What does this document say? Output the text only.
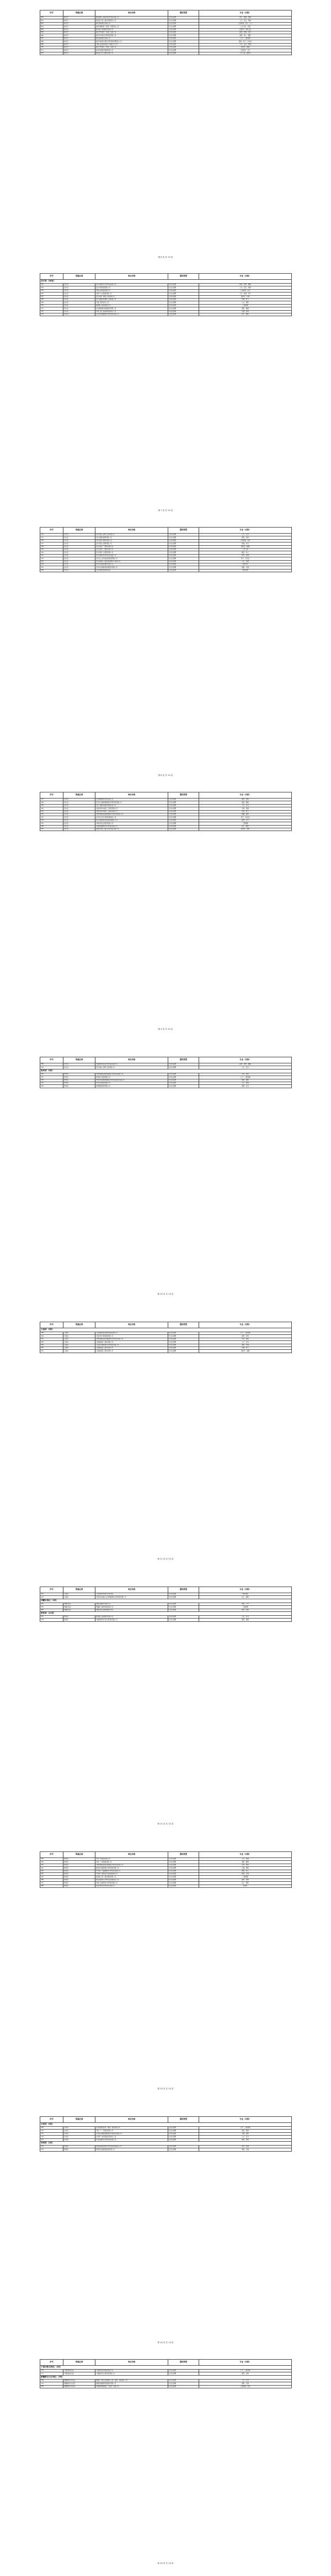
序号	所属区域	单位名称	需招类型	专业（名称）
690	重庆市	重庆建筑工程职业技术学院有限公司	毕业生招聘	电气、控制、机械
691	重庆市	重庆建工第三建设有限责任公司	毕业生招聘	土木、安全、机械
692	重庆市	重庆城投建设有限公司	毕业生招聘	工程管理、会计、人力
693	重庆市	重庆城建控股（集团）有限责任公司	毕业生招聘	土木工程、交通
694	重庆市	重庆建工集团股份有限公司	毕业生招聘	给排水、环境工程
695	重庆市	重庆中科建设（集团）有限公司	毕业生招聘	建筑、结构、造价
696	重庆市	重庆市市政设计研究院有限公司	毕业生招聘	道桥、岩土、测绘
697	重庆市	重庆渝发建设有限公司	毕业生招聘	土木、工程管理
698	重庆市	重庆市轨道交通设计研究院有限责任公司	毕业生招聘	机械、电气、自动化
699	重庆市	中国五冶集团有限公司重庆分公司	毕业生招聘	土木、安全、机械
700	重庆市	重庆对外建设（集团）有限公司	毕业生招聘	给排水、暖通
701	重庆市	重庆华姿建设集团有限公司	毕业生招聘	工程造价、会计
702	重庆市	重庆建工住宅建设有限公司	毕业生招聘	土木工程、建筑学
第 6 页 共 10 页
序号	所属区域	单位名称	需招类型	专业（名称）
四川省（36家）				
703	四川省	四川省建筑设计研究院有限公司	毕业生招聘	建筑、结构、暖通
704	四川省	四川华西集团有限公司	毕业生招聘	土木、安全、机械
705	四川省	中国五冶集团有限公司	毕业生招聘	工程管理、造价
706	四川省	中国十九冶集团有限公司	毕业生招聘	土木、机械、电气
707	四川省	四川省第一建筑工程有限公司	毕业生招聘	给排水、环境
708	四川省	四川省建筑机械化工程有限公司	毕业生招聘	机械、电气
709	四川省	中建三局西南分公司	毕业生招聘	土木、测绘
710	四川省	成都建工集团有限公司	毕业生招聘	工程管理
711	四川省	四川路桥建设集团股份有限公司	毕业生招聘	道桥、隧道
712	四川省	中铁二院工程集团有限责任公司	毕业生招聘	交通、轨道
713	四川省	四川省交通勘察设计研究院有限公司	毕业生招聘	岩土、测绘
第 7 页 共 10 页
序号	所属区域	单位名称	需招类型	专业（名称）
714	四川省	四川省第三建筑工程有限公司	毕业生招聘	土木、安全
715	四川省	四川省第四建筑有限公司	毕业生招聘	建筑、结构
716	四川省	四川省第六建筑有限公司	毕业生招聘	工程管理、造价
717	四川省	四川省第八建筑有限公司	毕业生招聘	机械、电气
718	四川省	四川省第十一建筑有限公司	毕业生招聘	给排水、暖通
719	四川省	四川省第十二建筑有限公司	毕业生招聘	土木工程
720	四川省	四川省第十五建筑有限公司	毕业生招聘	测绘、岩土
721	四川省	四川省建筑科学研究院有限公司	毕业生招聘	材料、检测
722	四川省	四川省工业设备安装集团有限公司	毕业生招聘	电气、自动化
723	四川省	四川省建筑工程质量检测中心有限公司	毕业生招聘	土木、检测
724	四川省	四川华西绿舍建材有限公司	毕业生招聘	材料科学
725	四川省	四川省交通建设集团股份有限公司	毕业生招聘	道桥、交通
726	四川省	四川省城乡建设研究院	毕业生招聘	城乡规划
第 8 页 共 10 页
序号	所属区域	单位名称	需招类型	专业（名称）
727	四川省	四川蜀道建筑科技有限公司	毕业生招聘	建筑、结构
728	四川省	四川省公路规划勘察设计研究院有限公司	毕业生招聘	道桥、测绘
729	四川省	四川公路桥梁建设集团有限公司	毕业生招聘	土木、安全
730	四川省	中国水利水电第七工程局有限公司	毕业生招聘	水利、机械
731	四川省	中国水利水电第十工程局有限公司	毕业生招聘	水利、电气
732	四川省	中国电建集团成都勘测设计研究院有限公司	毕业生招聘	勘测、地质
733	四川省	四川电力设计咨询有限责任公司	毕业生招聘	电气、自动化
734	四川省	四川省能源投资集团有限责任公司	毕业生招聘	能源、动力
735	四川省	中国华西企业股份有限公司	毕业生招聘	工程管理
736	四川省	中建西南勘察设计研究院有限公司	毕业生招聘	岩土、测绘
737	四川省	成都市市政工程设计研究院有限公司	毕业生招聘	给排水、道桥
第 9 页 共 10 页
序号	所属区域	单位名称	需招类型	专业（名称）
738	四川省	中国建筑西南设计研究院有限公司	毕业生招聘	建筑、结构、暖通
739	四川省	四川省第二建筑工程有限公司	毕业生招聘	土木、安全
贵州省（5家）				
740	贵州省	中国电建集团贵阳勘测设计研究院有限公司	毕业生招聘	水利、地质
741	贵州省	贵州建工集团有限公司	毕业生招聘	土木、工程管理
742	贵州省	贵州省交通规划勘察设计研究院股份有限公司	毕业生招聘	道桥、测绘
743	贵州省	中铁五局集团有限公司	毕业生招聘	土木、机械
744	贵州省	贵州路桥集团有限公司	毕业生招聘	道桥、安全
第 10 页 共 10 页
序号	所属区域	单位名称	需招类型	专业（名称）
云南省（5家）				
745	云南省	云南省建设投资控股集团有限公司	毕业生招聘	土木、工程管理
746	云南省	云南省设计院集团有限公司	毕业生招聘	建筑、结构
747	云南省	中国电建集团昆明勘测设计研究院有限公司	毕业生招聘	水利、地质
748	云南省	云南建投第一建设有限公司	毕业生招聘	土木、安全
749	云南省	云南省交通规划设计研究院有限公司	毕业生招聘	道桥、交通
750	云南省	云南建投第二建设有限公司	毕业生招聘	机械、电气
751	云南省	云南建投第三建设有限公司	毕业生招聘	给排水、暖通
第 11 页 共 12 页
序号	所属区域	单位名称	需招类型	专业（名称）
752	云南省	云南省城乡规划设计研究院	毕业生招聘	城乡规划
753	云南省	中国有色金属工业昆明勘察设计研究院有限公司	毕业生招聘	岩土、测绘
西藏自治区（3家）				
754	西藏自治区	西藏天路股份有限公司	毕业生招聘	道桥、土木
755	西藏自治区	西藏建工建材集团有限公司	毕业生招聘	工程管理
756	西藏自治区	西藏自治区建筑勘察设计院	毕业生招聘	建筑、结构
陕西省（12家）				
757	陕西省	陕西建工集团股份有限公司	毕业生招聘	土木、安全
758	陕西省	中国建筑西北设计研究院有限公司	毕业生招聘	建筑、暖通
第 12 页 共 12 页
序号	所属区域	单位名称	需招类型	专业（名称）
759	陕西省	中铁一局集团有限公司	毕业生招聘	土木、机械
760	陕西省	中铁二十局集团有限公司	毕业生招聘	道桥、隧道
761	陕西省	中国电建集团西北勘测设计研究院有限公司	毕业生招聘	水利、地质
762	陕西省	陕西省交通规划设计研究院有限公司	毕业生招聘	交通、测绘
763	陕西省	中交第一公路勘察设计研究院有限公司	毕业生招聘	道桥、岩土
764	陕西省	中铁第一勘察设计院集团有限公司	毕业生招聘	轨道、交通
765	陕西省	陕西建工第一建设集团有限公司	毕业生招聘	工程管理
766	陕西省	陕西省建筑设计研究院有限责任公司	毕业生招聘	建筑、结构
767	陕西省	机械工业勘察设计研究院有限公司	毕业生招聘	岩土、测绘
768	陕西省	西安市政设计研究院有限公司	毕业生招聘	给排水
第 13 页 共 14 页
序号	所属区域	单位名称	需招类型	专业（名称）
甘肃省（5家）				
769	甘肃省	甘肃省建设投资（控股）集团有限公司	毕业生招聘	土木、工程管理
770	甘肃省	中铁二十一局集团有限公司	毕业生招聘	道桥、隧道
771	甘肃省	甘肃省交通规划勘察设计院股份有限公司	毕业生招聘	交通、测绘
772	甘肃省	甘肃第一建设集团有限责任公司	毕业生招聘	土木、安全
773	甘肃省	甘肃省建筑设计研究院有限公司	毕业生招聘	建筑、结构
青海省（2家）				
774	青海省	青海省建筑建材科学研究院有限责任公司	毕业生招聘	材料、检测
775	青海省	青海省交通控股集团有限公司	毕业生招聘	道桥、交通
第 14 页 共 14 页
序号	所属区域	单位名称	需招类型	专业（名称）
宁夏回族自治区（2家）				
776	宁夏回族自治区	宁夏建设投资集团有限公司	毕业生招聘	土木、工程管理
777	宁夏回族自治区	宁夏建筑设计研究院有限公司	毕业生招聘	建筑、结构
新疆维吾尔自治区（3家）				
778	新疆维吾尔自治区	新疆生产建设兵团建设工程（集团）有限责任公司	毕业生招聘	土木、安全
779	新疆维吾尔自治区	新疆北新路桥集团股份有限公司	毕业生招聘	道桥、交通
780	新疆维吾尔自治区	中国建筑新疆建工（集团）有限公司	毕业生招聘	工程管理、造价
第 15 页 共 15 页
